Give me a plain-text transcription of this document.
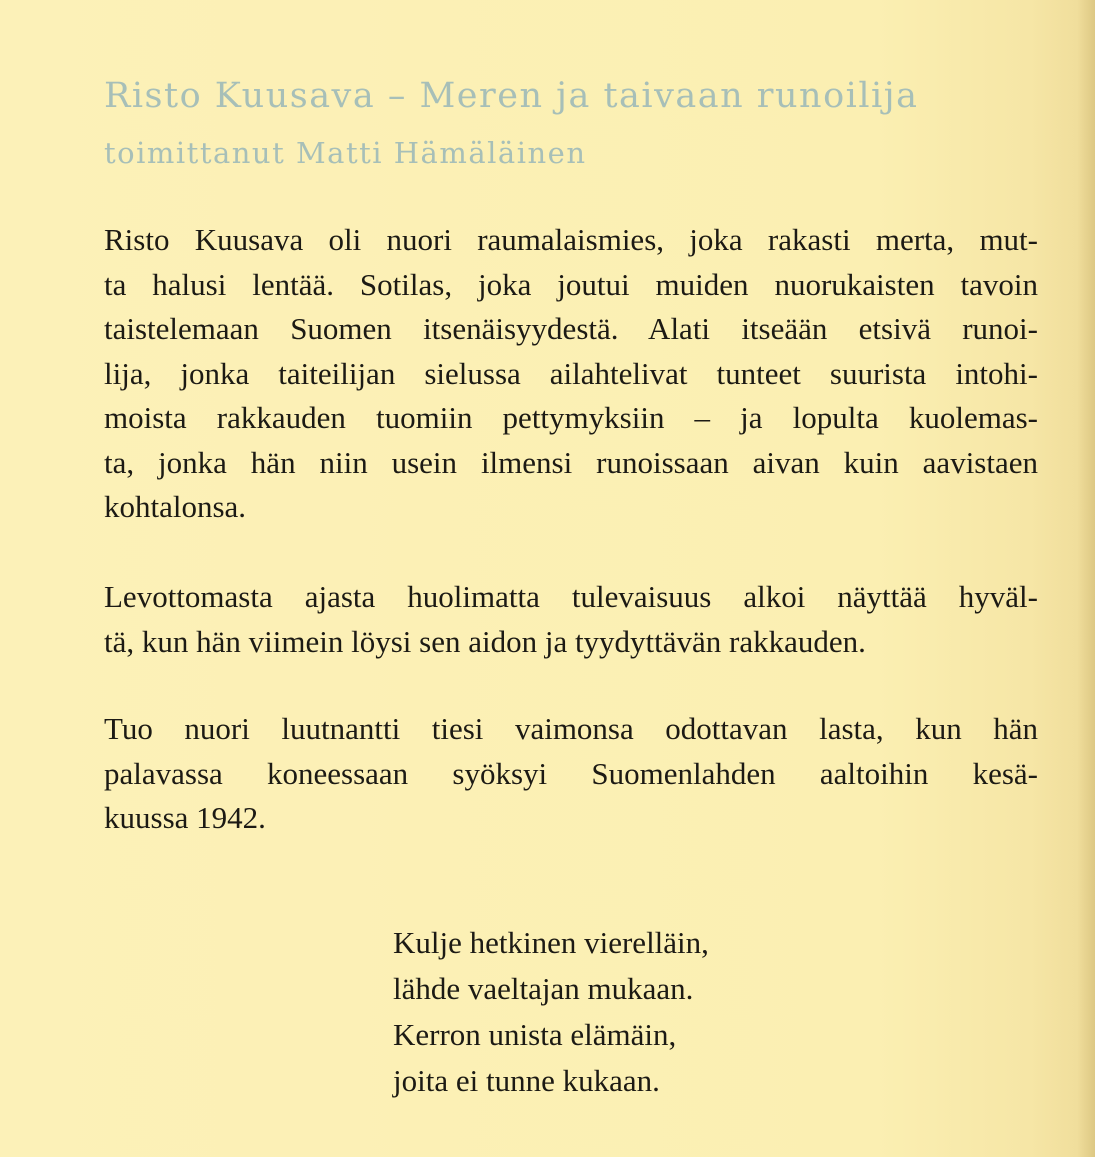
Risto Kuusava – Meren ja taivaan runoilija
toimittanut Matti Hämäläinen

Risto Kuusava oli nuori raumalaismies, joka rakasti merta, mut-
ta halusi lentää. Sotilas, joka joutui muiden nuorukaisten tavoin
taistelemaan Suomen itsenäisyydestä. Alati itseään etsivä runoi-
lija, jonka taiteilijan sielussa ailahtelivat tunteet suurista intohi-
moista rakkauden tuomiin pettymyksiin – ja lopulta kuolemas-
ta, jonka hän niin usein ilmensi runoissaan aivan kuin aavistaen
kohtalonsa.

Levottomasta ajasta huolimatta tulevaisuus alkoi näyttää hyväl-
tä, kun hän viimein löysi sen aidon ja tyydyttävän rakkauden.

Tuo nuori luutnantti tiesi vaimonsa odottavan lasta, kun hän
palavassa koneessaan syöksyi Suomenlahden aaltoihin kesä-
kuussa 1942.

Kulje hetkinen vierelläin,
lähde vaeltajan mukaan.
Kerron unista elämäin,
joita ei tunne kukaan.
